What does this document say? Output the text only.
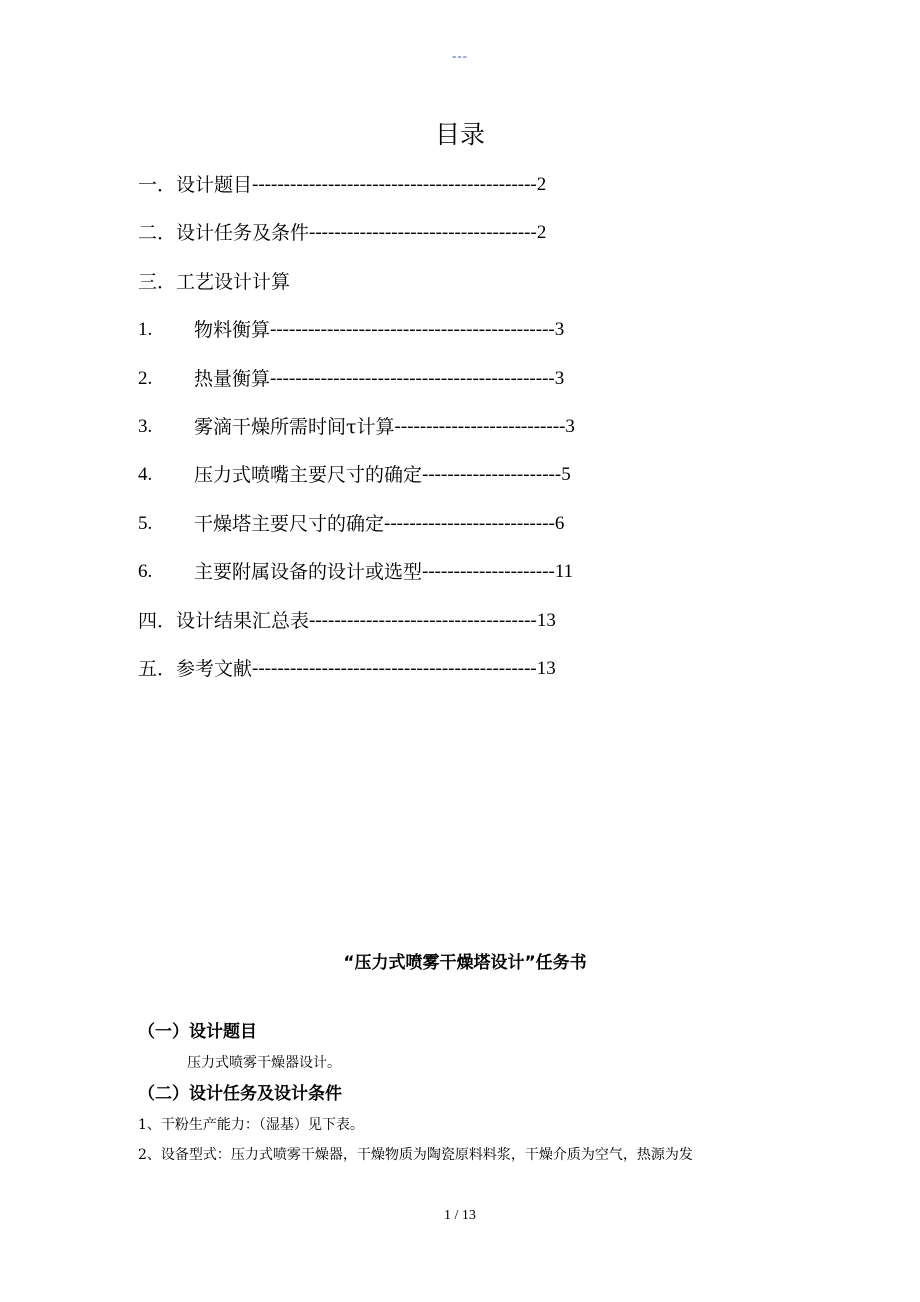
---
目录
一． 设计题目 --------------------------------------------- 2
二． 设计任务及条件 ------------------------------------ 2
三． 工艺设计计算
1.	物料衡算 --------------------------------------------- 3
2.	热量衡算 --------------------------------------------- 3
3.	雾滴干燥所需时间τ计算 --------------------------- 3
4.	压力式喷嘴主要尺寸的确定 ---------------------- 5
5.	干燥塔主要尺寸的确定 --------------------------- 6
6.	主要附属设备的设计或选型 --------------------- 11
四． 设计结果汇总表 ------------------------------------ 13
五． 参考文献 --------------------------------------------- 13
“压力式喷雾干燥塔设计”任务书
（一）设计题目
压力式喷雾干燥器设计。
（二）设计任务及设计条件
1、干粉生产能力：（湿基）见下表。
2、设备型式：压力式喷雾干燥器，干燥物质为陶瓷原料料浆，干燥介质为空气，热源为发
1 / 13
